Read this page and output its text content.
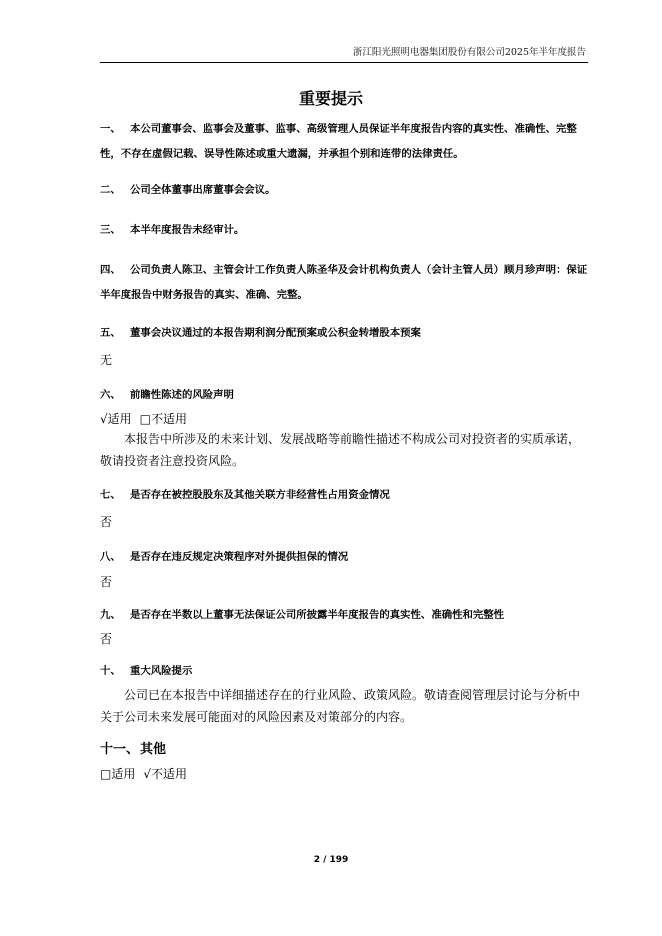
浙江阳光照明电器集团股份有限公司2025年半年度报告
重要提示
一、 本公司董事会、监事会及董事、监事、高级管理人员保证半年度报告内容的真实性、准确性、完整性，不存在虚假记载、误导性陈述或重大遗漏，并承担个别和连带的法律责任。
二、 公司全体董事出席董事会会议。
三、 本半年度报告未经审计。
四、 公司负责人陈卫、主管会计工作负责人陈圣华及会计机构负责人（会计主管人员）顾月珍声明：保证半年度报告中财务报告的真实、准确、完整。
五、 董事会决议通过的本报告期利润分配预案或公积金转增股本预案
无
六、 前瞻性陈述的风险声明
√适用 □不适用
本报告中所涉及的未来计划、发展战略等前瞻性描述不构成公司对投资者的实质承诺，敬请投资者注意投资风险。
七、 是否存在被控股股东及其他关联方非经营性占用资金情况
否
八、 是否存在违反规定决策程序对外提供担保的情况
否
九、 是否存在半数以上董事无法保证公司所披露半年度报告的真实性、准确性和完整性
否
十、 重大风险提示
公司已在本报告中详细描述存在的行业风险、政策风险。敬请查阅管理层讨论与分析中关于公司未来发展可能面对的风险因素及对策部分的内容。
十一、其他
□适用 √不适用
2 / 199
